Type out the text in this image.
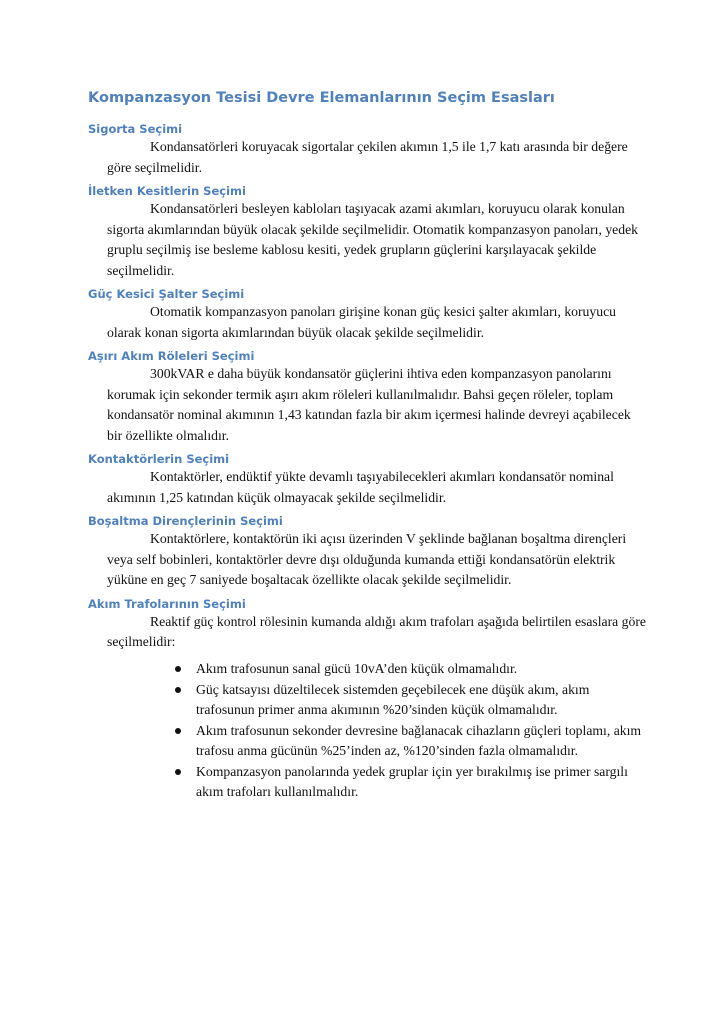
Kompanzasyon Tesisi Devre Elemanlarının Seçim Esasları
Sigorta Seçimi

Kondansatörleri koruyacak sigortalar çekilen akımın 1,5 ile 1,7 katı arasında bir değere göre seçilmelidir.

İletken Kesitlerin Seçimi

Kondansatörleri besleyen kabloları taşıyacak azami akımları, koruyucu olarak konulan sigorta akımlarından büyük olacak şekilde seçilmelidir. Otomatik kompanzasyon panoları, yedek gruplu seçilmiş ise besleme kablosu kesiti, yedek grupların güçlerini karşılayacak şekilde seçilmelidir.

Güç Kesici Şalter Seçimi

Otomatik kompanzasyon panoları girişine konan güç kesici şalter akımları, koruyucu olarak konan sigorta akımlarından büyük olacak şekilde seçilmelidir.

Aşırı Akım Röleleri Seçimi

300kVAR e daha büyük kondansatör güçlerini ihtiva eden kompanzasyon panolarını korumak için sekonder termik aşırı akım röleleri kullanılmalıdır. Bahsi geçen röleler, toplam kondansatör nominal akımının 1,43 katından fazla bir akım içermesi halinde devreyi açabilecek bir özellikte olmalıdır.

Kontaktörlerin Seçimi

Kontaktörler, endüktif yükte devamlı taşıyabilecekleri akımları kondansatör nominal akımının 1,25 katından küçük olmayacak şekilde seçilmelidir.

Boşaltma Dirençlerinin Seçimi

Kontaktörlere, kontaktörün iki açısı üzerinden V şeklinde bağlanan boşaltma dirençleri veya self bobinleri, kontaktörler devre dışı olduğunda kumanda ettiği kondansatörün elektrik yüküne en geç 7 saniyede boşaltacak özellikte olacak şekilde seçilmelidir.

Akım Trafolarının Seçimi

Reaktif güç kontrol rölesinin kumanda aldığı akım trafoları aşağıda belirtilen esaslara göre seçilmelidir:

Akım trafosunun sanal gücü 10vA’den küçük olmamalıdır.
Güç katsayısı düzeltilecek sistemden geçebilecek ene düşük akım, akım trafosunun primer anma akımının %20’sinden küçük olmamalıdır.
Akım trafosunun sekonder devresine bağlanacak cihazların güçleri toplamı, akım trafosu anma gücünün %25’inden az, %120’sinden fazla olmamalıdır.
Kompanzasyon panolarında yedek gruplar için yer bırakılmış ise primer sargılı akım trafoları kullanılmalıdır.
